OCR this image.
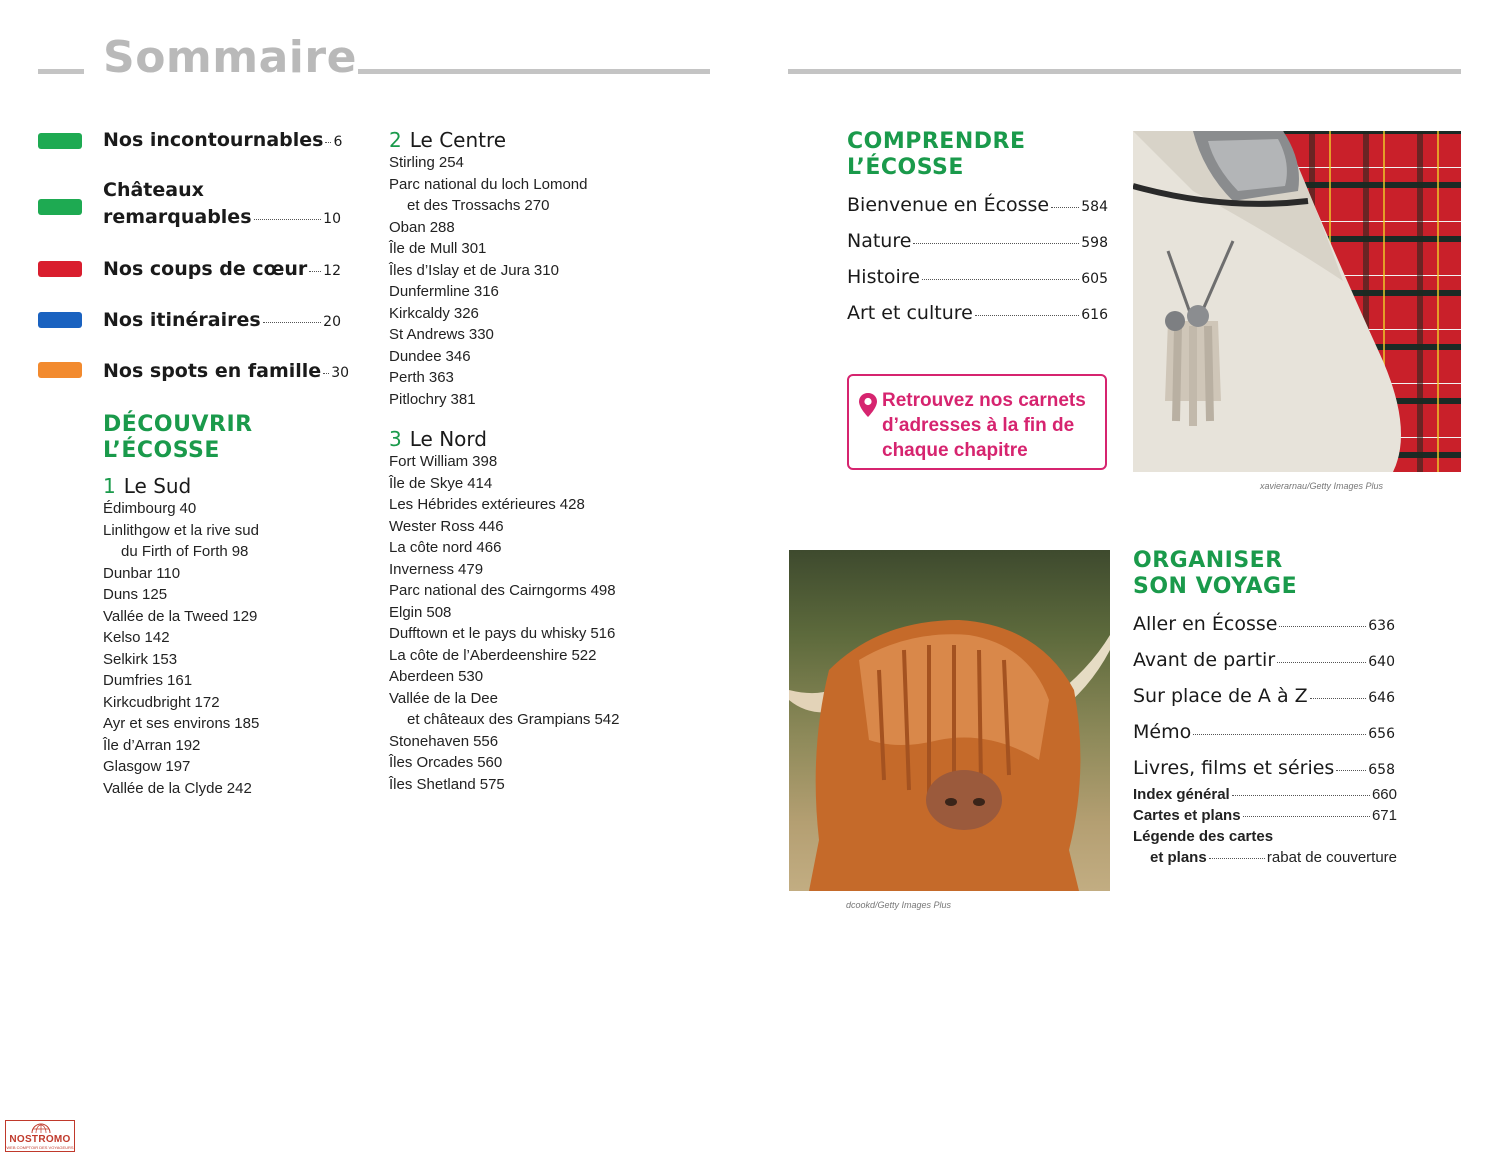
Sommaire
Nos incontournables 6
Châteaux
remarquables	10
Nos coups de cœur 12
Nos itinéraires	20
Nos spots en famille 30
DÉCOUVRIR
L’ÉCOSSE
1 Le Sud
Édimbourg 40
Linlithgow et la rive sud
du Firth of Forth 98
Dunbar 110
Duns 125
Vallée de la Tweed 129
Kelso 142
Selkirk 153
Dumfries 161
Kirkcudbright 172
Ayr et ses environs 185
Île d’Arran 192
Glasgow 197
Vallée de la Clyde 242
2 Le Centre
Stirling 254
Parc national du loch Lomond
et des Trossachs 270
Oban 288
Île de Mull 301
Îles d’Islay et de Jura 310
Dunfermline 316
Kirkcaldy 326
St Andrews 330
Dundee 346
Perth 363
Pitlochry 381
3 Le Nord
Fort William 398
Île de Skye 414
Les Hébrides extérieures 428
Wester Ross 446
La côte nord 466
Inverness 479
Parc national des Cairngorms 498
Elgin 508
Dufftown et le pays du whisky 516
La côte de l’Aberdeenshire 522
Aberdeen 530
Vallée de la Dee
et châteaux des Grampians 542
Stonehaven 556
Îles Orcades 560
Îles Shetland 575
COMPRENDRE
L’ÉCOSSE
Bienvenue en Écosse 584
Nature	598
Histoire	605
Art et culture	616
Retrouvez nos carnets
d’adresses à la fin de
chaque chapitre
xavierarnau/Getty Images Plus
dcookd/Getty Images Plus
ORGANISER
SON VOYAGE
Aller en Écosse	636
Avant de partir	640
Sur place de A à Z	646
Mémo	656
Livres, films et séries 658
Index général	660
Cartes et plans	671
Légende des cartes
et plans	rabat de couverture
NOSTROMO
WEB COMPTOIR DES VOYAGEURS
